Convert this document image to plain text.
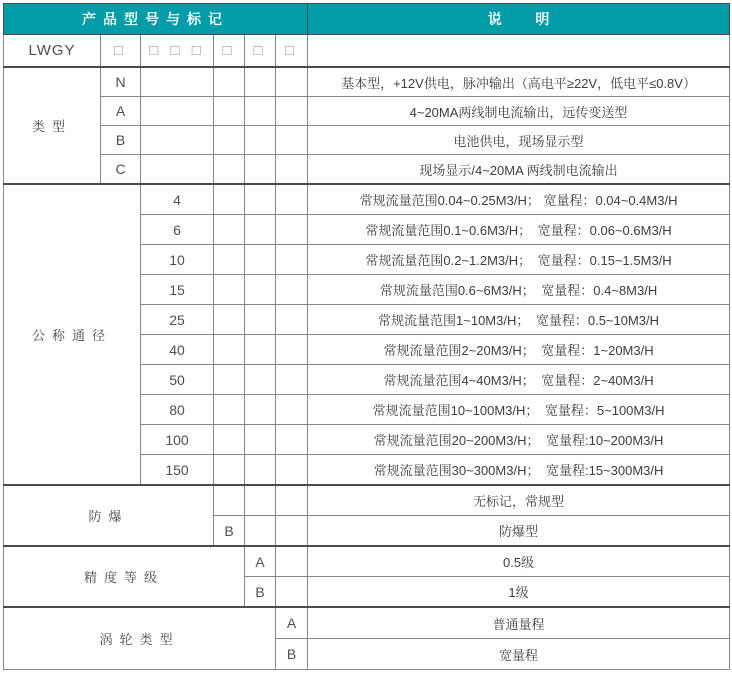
产品型号与标记						说明
LWGY	□	□ □ □	□	□	□	
类型	N					基本型，+12V供电，脉冲输出（高电平≥22V，低电平≤0.8V）
	A					4~20MA两线制电流输出，远传变送型
	B					电池供电，现场显示型
	C					现场显示/4~20MA 两线制电流输出
公称通径		4				常规流量范围0.04~0.25M3/H； 宽量程：0.04~0.4M3/H
		6				常规流量范围0.1~0.6M3/H；　宽量程：0.06~0.6M3/H
		10				常规流量范围0.2~1.2M3/H；　宽量程：0.15~1.5M3/H
		15				常规流量范围0.6~6M3/H；　宽量程：0.4~8M3/H
		25				常规流量范围1~10M3/H；　宽量程：0.5~10M3/H
		40				常规流量范围2~20M3/H；　宽量程：1~20M3/H
		50				常规流量范围4~40M3/H；　宽量程：2~40M3/H
		80				常规流量范围10~100M3/H；　宽量程：5~100M3/H
		100				常规流量范围20~200M3/H；　宽量程:10~200M3/H
		150				常规流量范围30~300M3/H；　宽量程:15~300M3/H
防爆						无标记，常规型
			B			防爆型
精度等级				A		0.5级
				B		1级
涡轮类型					A	普通量程
					B	宽量程
